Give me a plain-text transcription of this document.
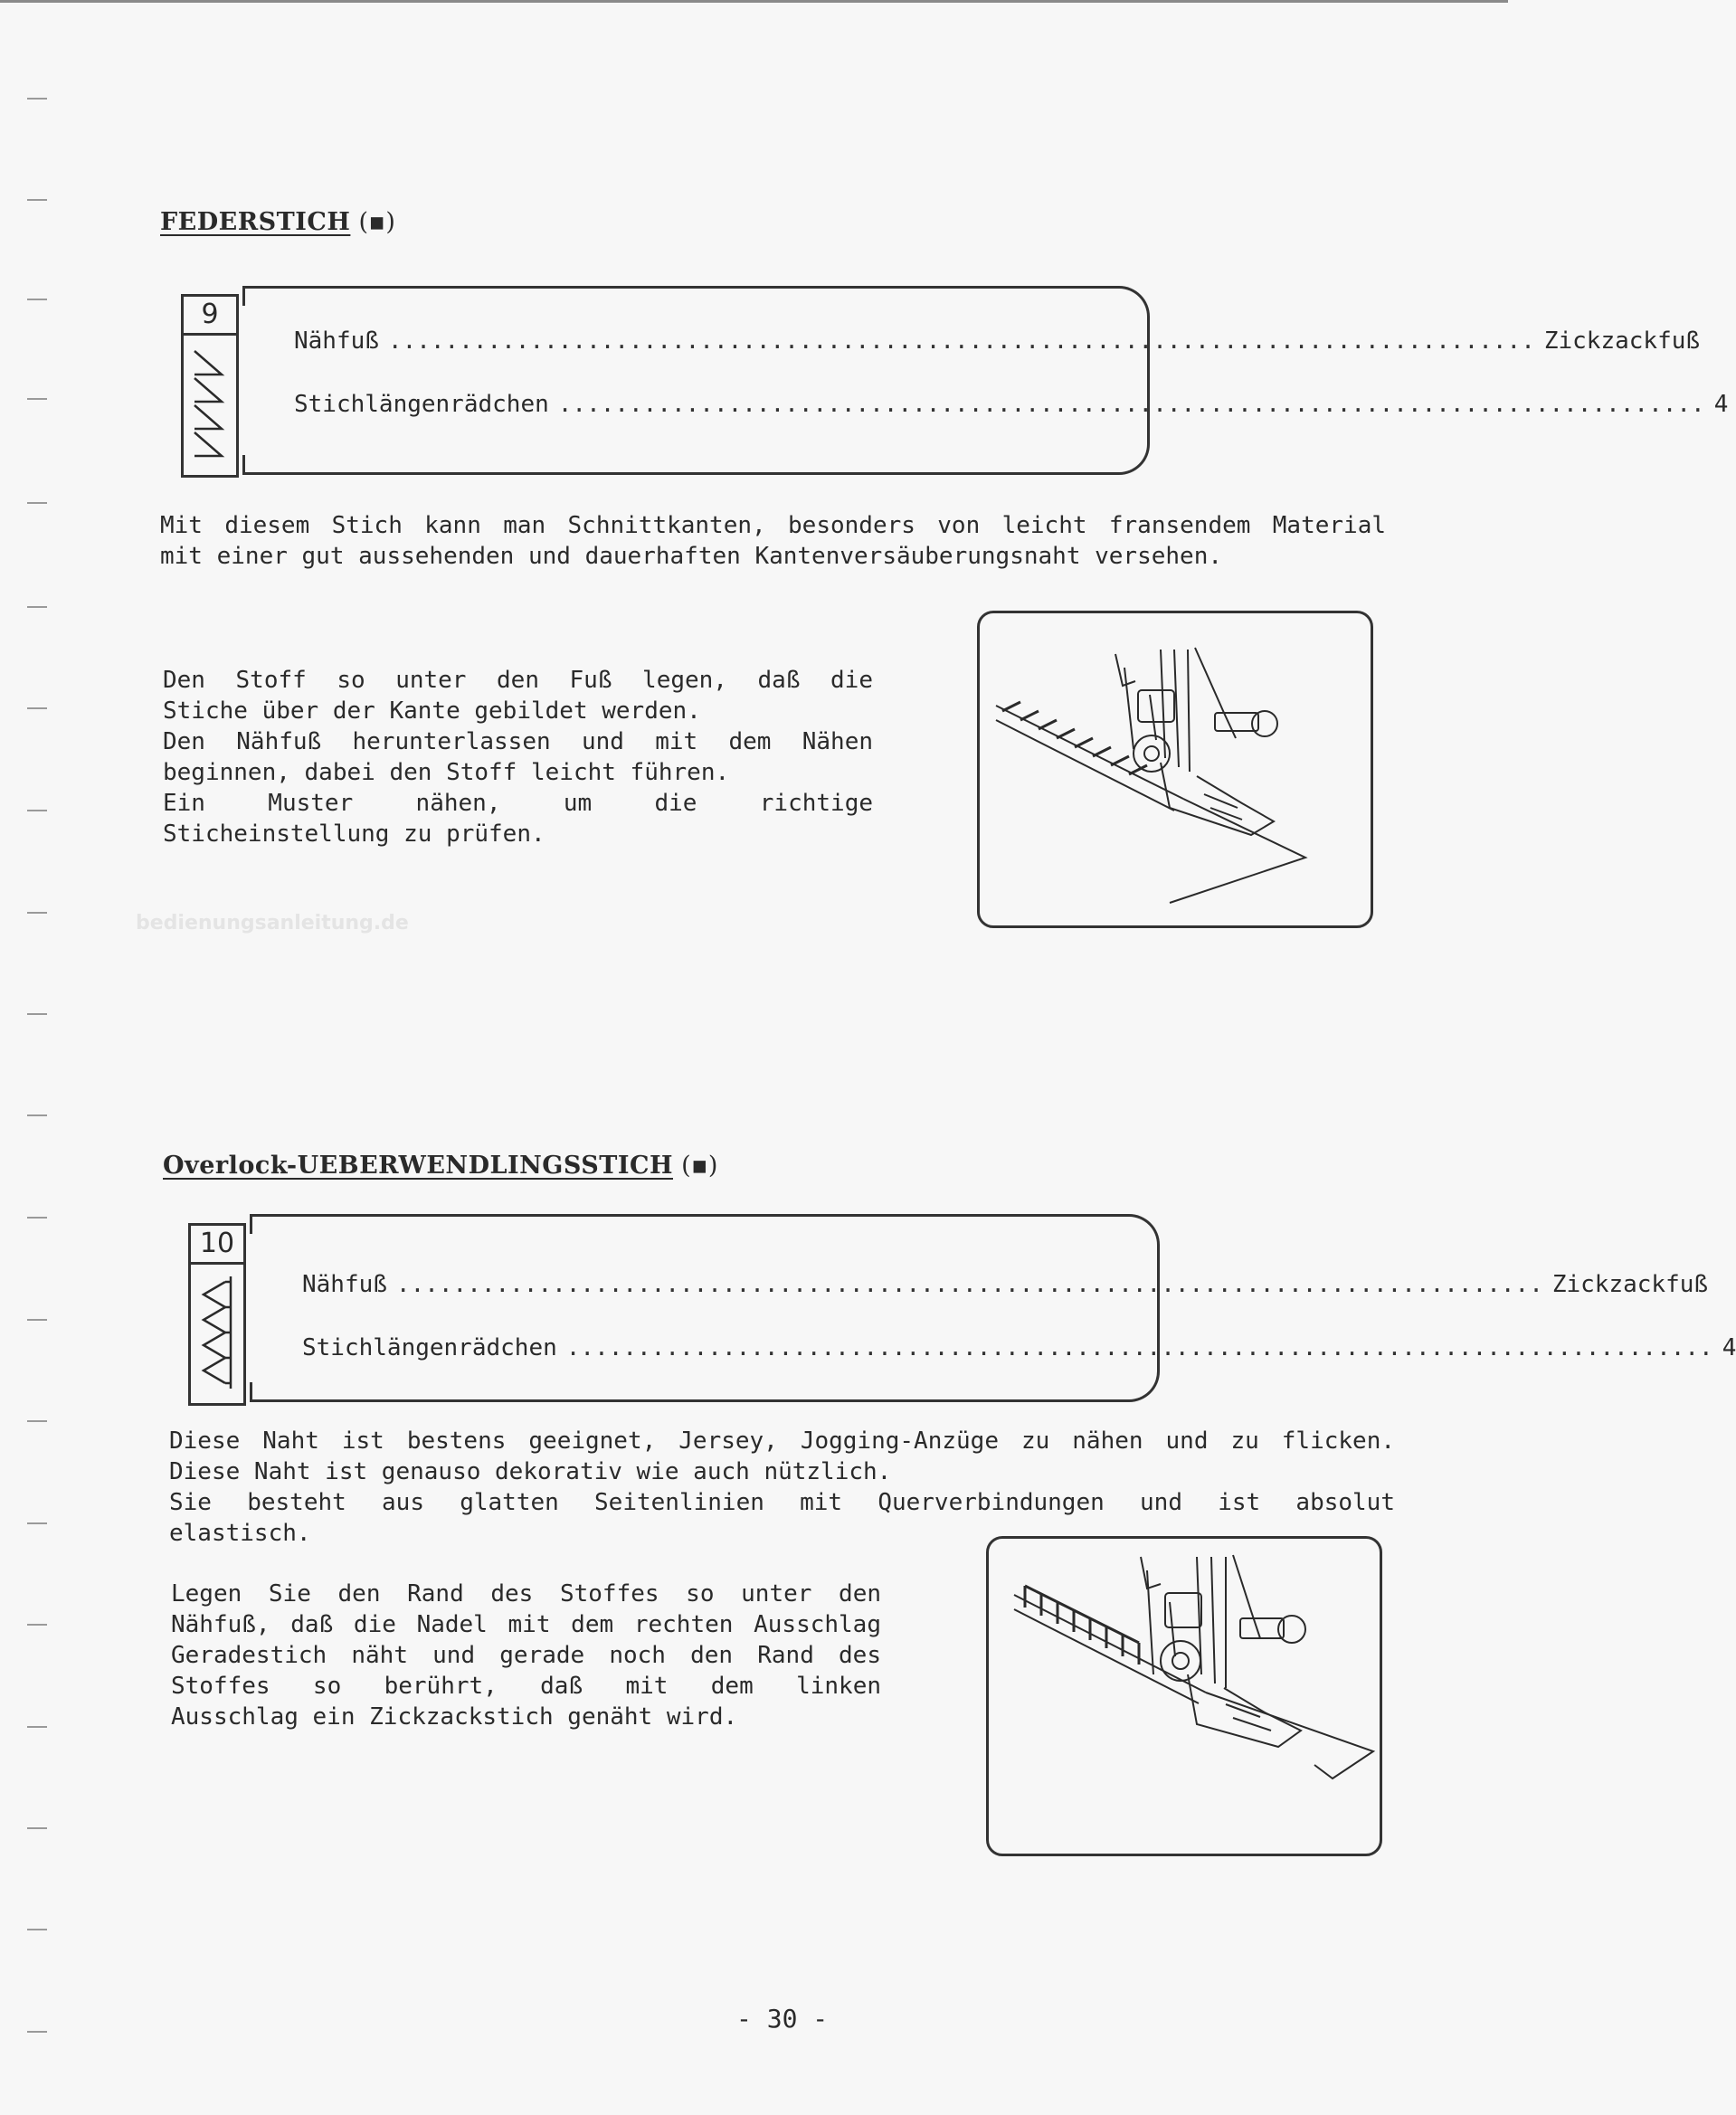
FEDERSTICH (▪)
9
Nähfuß ................................................................................. Zickzackfuß
Stichlängenrädchen ................................................................................. 4
Mit diesem Stich kann man Schnittkanten, besonders von leicht fransendem Material
mit einer gut aussehenden und dauerhaften Kantenversäuberungsnaht versehen.
Den Stoff so unter den Fuß legen, daß die
Stiche über der Kante gebildet werden.
Den Nähfuß herunterlassen und mit dem Nähen
beginnen, dabei den Stoff leicht führen.
Ein Muster nähen, um die richtige
Sticheinstellung zu prüfen.
bedienungsanleitung.de
Overlock-UEBERWENDLINGSSTICH (▪)
10
Nähfuß ................................................................................. Zickzackfuß
Stichlängenrädchen ................................................................................. 4
Diese Naht ist bestens geeignet, Jersey, Jogging-Anzüge zu nähen und zu flicken.
Diese Naht ist genauso dekorativ wie auch nützlich.
Sie besteht aus glatten Seitenlinien mit Querverbindungen und ist absolut
elastisch.
Legen Sie den Rand des Stoffes so unter den
Nähfuß, daß die Nadel mit dem rechten Ausschlag
Geradestich näht und gerade noch den Rand des
Stoffes so berührt, daß mit dem linken
Ausschlag ein Zickzackstich genäht wird.
- 30 -
